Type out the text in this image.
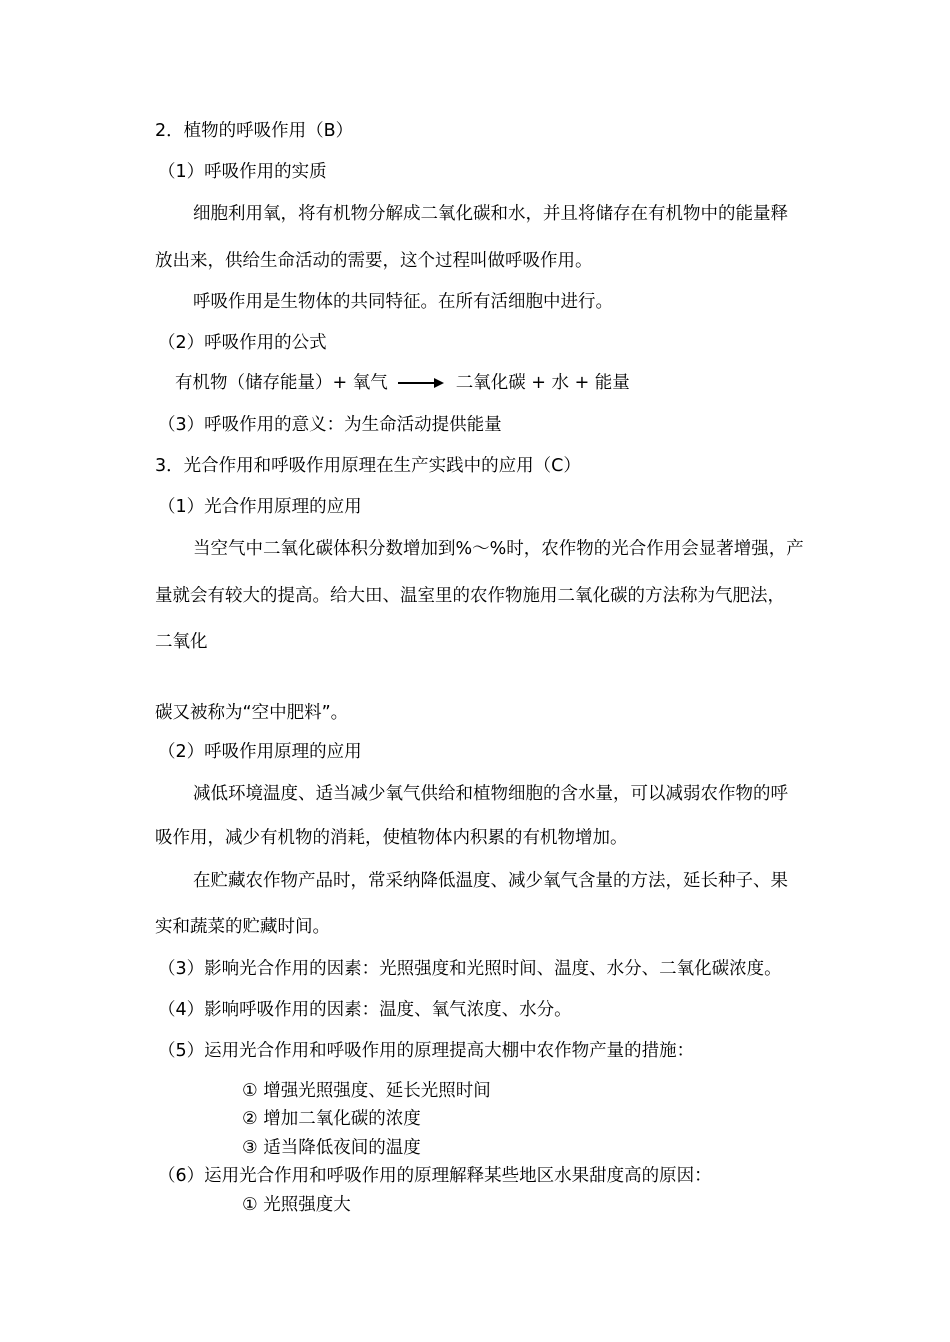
2．植物的呼吸作用（B）
（1）呼吸作用的实质
细胞利用氧，将有机物分解成二氧化碳和水，并且将储存在有机物中的能量释
放出来，供给生命活动的需要，这个过程叫做呼吸作用。
呼吸作用是生物体的共同特征。在所有活细胞中进行。
（2）呼吸作用的公式
有机物（储存能量）+ 氧气	二氧化碳 + 水 + 能量
（3）呼吸作用的意义：为生命活动提供能量
3．光合作用和呼吸作用原理在生产实践中的应用（C）
（1）光合作用原理的应用
当空气中二氧化碳体积分数增加到%～%时，农作物的光合作用会显著增强，产
量就会有较大的提高。给大田、温室里的农作物施用二氧化碳的方法称为气肥法，
二氧化
碳又被称为“空中肥料”。
（2）呼吸作用原理的应用
减低环境温度、适当减少氧气供给和植物细胞的含水量，可以减弱农作物的呼
吸作用，减少有机物的消耗，使植物体内积累的有机物增加。
在贮藏农作物产品时，常采纳降低温度、减少氧气含量的方法，延长种子、果
实和蔬菜的贮藏时间。
（3）影响光合作用的因素：光照强度和光照时间、温度、水分、二氧化碳浓度。
（4）影响呼吸作用的因素：温度、氧气浓度、水分。
（5）运用光合作用和呼吸作用的原理提高大棚中农作物产量的措施：
① 增强光照强度、延长光照时间
② 增加二氧化碳的浓度
③ 适当降低夜间的温度
（6）运用光合作用和呼吸作用的原理解释某些地区水果甜度高的原因：
① 光照强度大
